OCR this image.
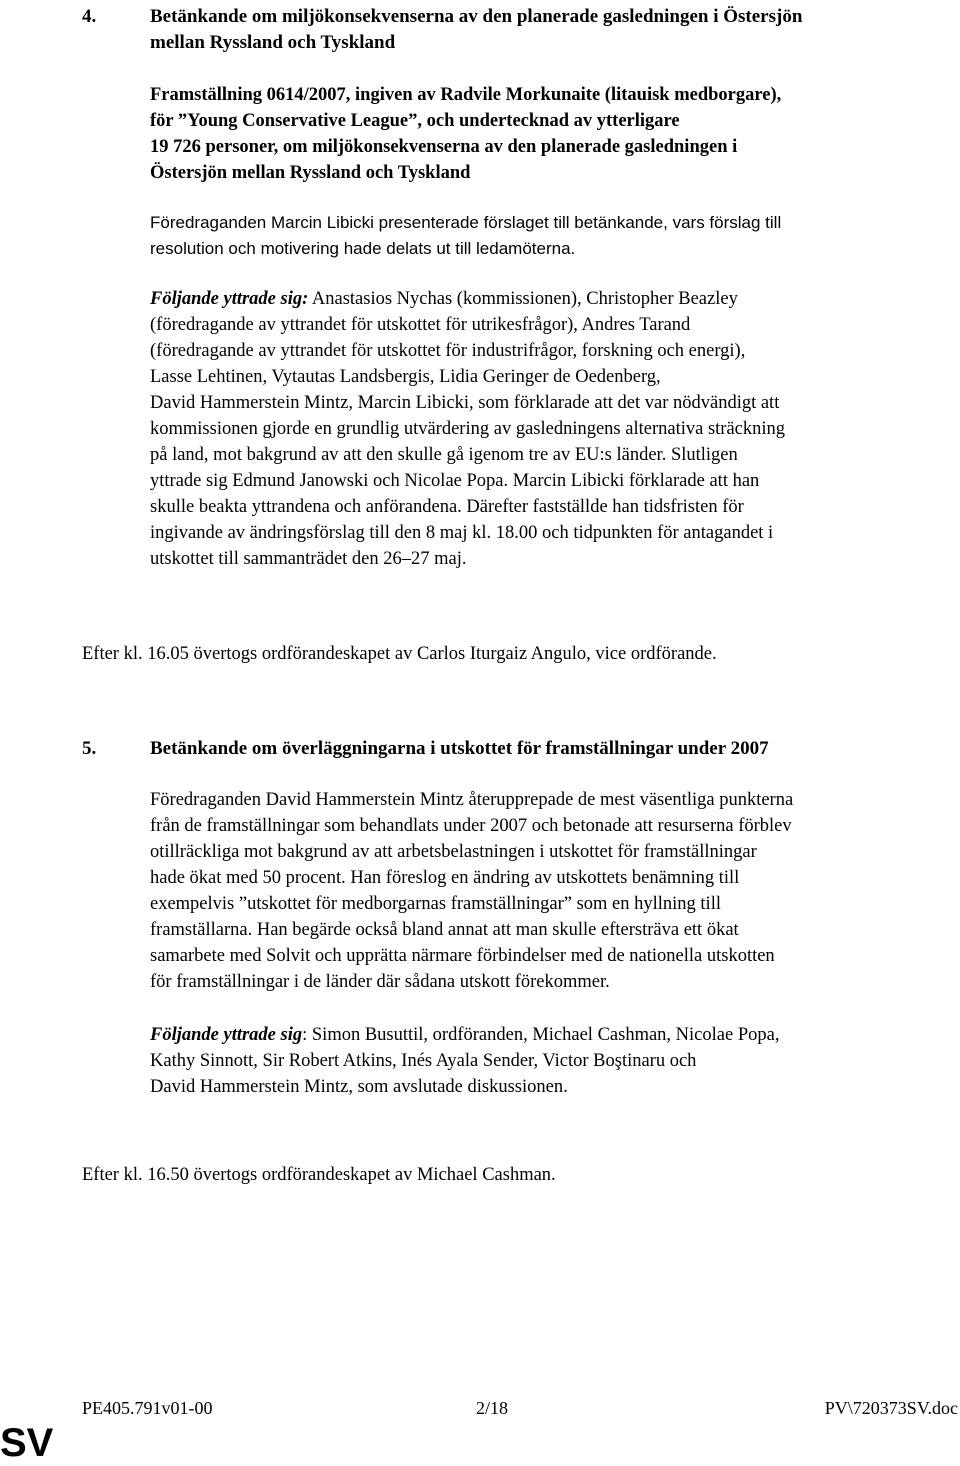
4.	Betänkande om miljökonsekvenserna av den planerade gasledningen i Östersjön
mellan Ryssland och Tyskland
Framställning 0614/2007, ingiven av Radvile Morkunaite (litauisk medborgare),
för ”Young Conservative League”, och undertecknad av ytterligare
19 726 personer, om miljökonsekvenserna av den planerade gasledningen i
Östersjön mellan Ryssland och Tyskland
Föredraganden Marcin Libicki presenterade förslaget till betänkande, vars förslag till
resolution och motivering hade delats ut till ledamöterna.
Följande yttrade sig: Anastasios Nychas (kommissionen), Christopher Beazley
(föredragande av yttrandet för utskottet för utrikesfrågor), Andres Tarand
(föredragande av yttrandet för utskottet för industrifrågor, forskning och energi),
Lasse Lehtinen, Vytautas Landsbergis, Lidia Geringer de Oedenberg,
David Hammerstein Mintz, Marcin Libicki, som förklarade att det var nödvändigt att
kommissionen gjorde en grundlig utvärdering av gasledningens alternativa sträckning
på land, mot bakgrund av att den skulle gå igenom tre av EU:s länder. Slutligen
yttrade sig Edmund Janowski och Nicolae Popa. Marcin Libicki förklarade att han
skulle beakta yttrandena och anförandena. Därefter fastställde han tidsfristen för
ingivande av ändringsförslag till den 8 maj kl. 18.00 och tidpunkten för antagandet i
utskottet till sammanträdet den 26–27 maj.
Efter kl. 16.05 övertogs ordförandeskapet av Carlos Iturgaiz Angulo, vice ordförande.
5.	Betänkande om överläggningarna i utskottet för framställningar under 2007
Föredraganden David Hammerstein Mintz återupprepade de mest väsentliga punkterna
från de framställningar som behandlats under 2007 och betonade att resurserna förblev
otillräckliga mot bakgrund av att arbetsbelastningen i utskottet för framställningar
hade ökat med 50 procent. Han föreslog en ändring av utskottets benämning till
exempelvis ”utskottet för medborgarnas framställningar” som en hyllning till
framställarna. Han begärde också bland annat att man skulle eftersträva ett ökat
samarbete med Solvit och upprätta närmare förbindelser med de nationella utskotten
för framställningar i de länder där sådana utskott förekommer.
Följande yttrade sig: Simon Busuttil, ordföranden, Michael Cashman, Nicolae Popa,
Kathy Sinnott, Sir Robert Atkins, Inés Ayala Sender, Victor Boştinaru och
David Hammerstein Mintz, som avslutade diskussionen.
Efter kl. 16.50 övertogs ordförandeskapet av Michael Cashman.
PE405.791v01-00	2/18	PV\720373SV.doc
SV
